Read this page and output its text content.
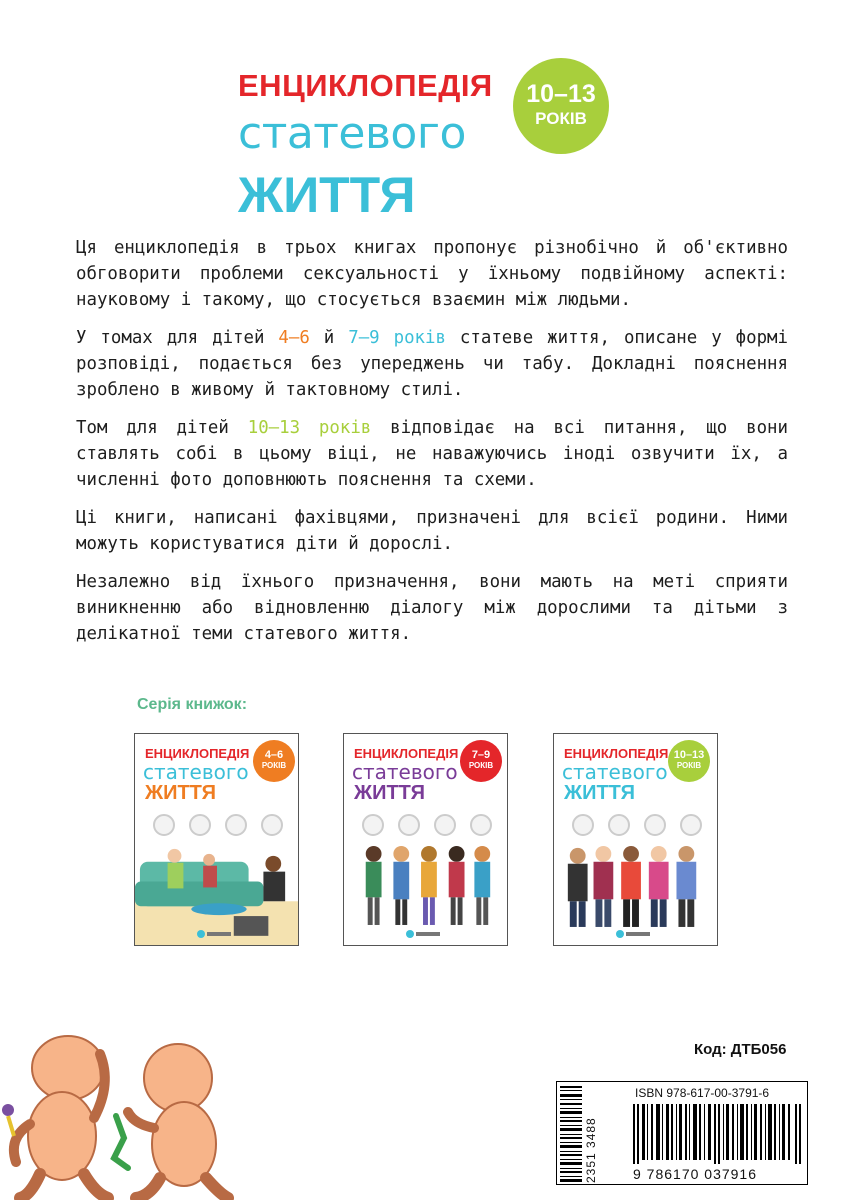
ЕНЦИКЛОПЕДІЯ
статевого
ЖИТТЯ
10–13
РОКІВ

Ця енциклопедія в трьох книгах пропонує різнобічно й об'єктивно обговорити проблеми сексуальності у їхньому подвійному аспекті: науковому і такому, що стосується взаємин між людьми.

У томах для дітей 4–6 й 7–9 років статеве життя, описане у формі розповіді, подається без упереджень чи табу. Докладні пояснення зроблено в живому й тактовному стилі.

Том для дітей 10–13 років відповідає на всі питання, що вони ставлять собі в цьому віці, не наважуючись іноді озвучити їх, а численні фото доповнюють пояснення та схеми.

Ці книги, написані фахівцями, призначені для всієї родини. Ними можуть користуватися діти й дорослі.

Незалежно від їхнього призначення, вони мають на меті сприяти виникненню або відновленню діалогу між дорослими та дітьми з делікатної теми статевого життя.

Серія книжок:
ЕНЦИКЛОПЕДІЯ
статевого
ЖИТТЯ
4–6
РОКІВ
ЕНЦИКЛОПЕДІЯ
статевого
ЖИТТЯ
7–9
РОКІВ
ЕНЦИКЛОПЕДІЯ
статевого
ЖИТТЯ
10–13
РОКІВ
Код: ДТБ056
2351 3488
ISBN 978-617-00-3791-6
9 786170 037916
